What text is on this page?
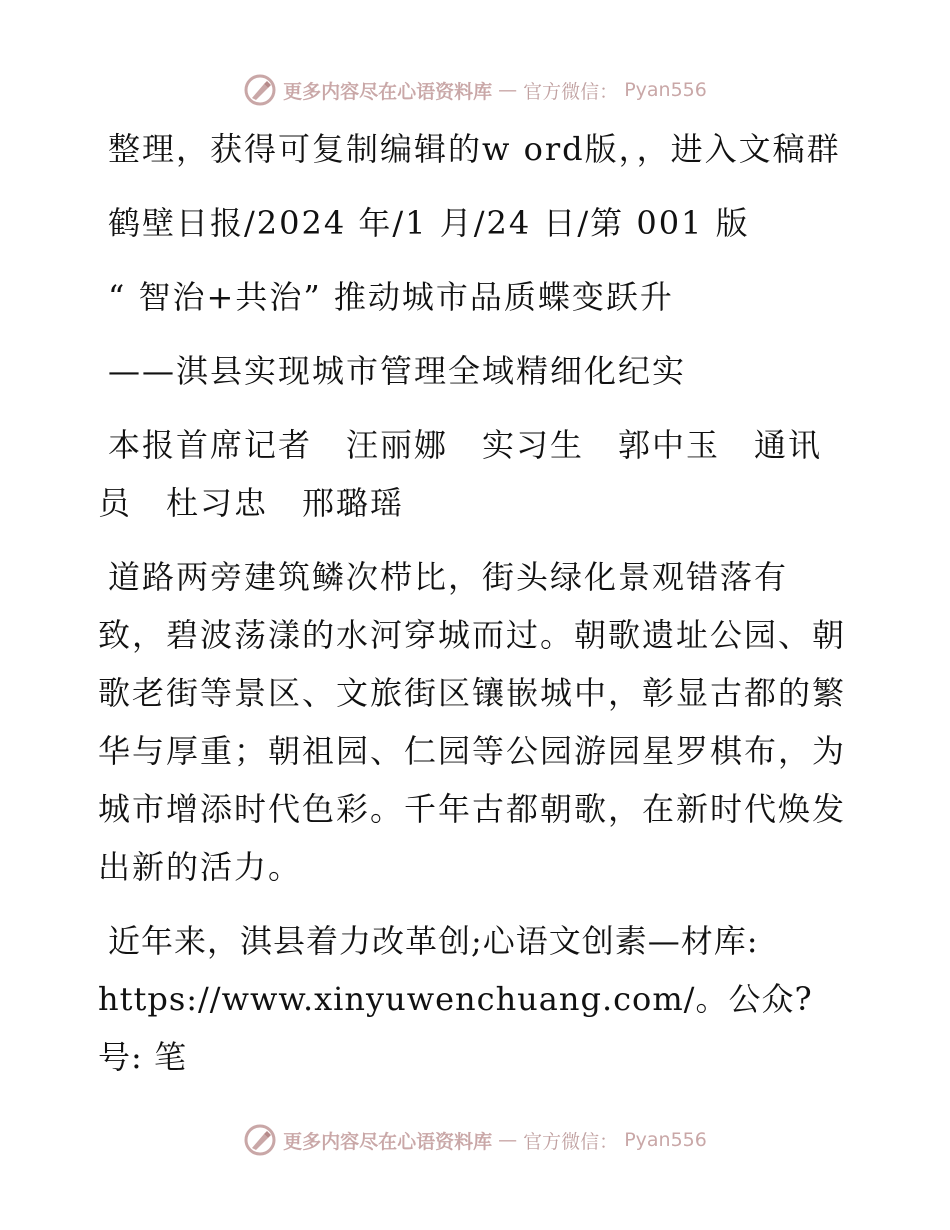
更多内容尽在心语资料库 — 官方微信： Pyan556

整理，获得可复制编辑的w ord版，，进入文稿群

鹤壁日报/2024 年/1 月/24 日/第 001 版

“ 智治+共治” 推动城市品质蝶变跃升

——淇县实现城市管理全域精细化纪实

本报首席记者　汪丽娜　实习生　郭中玉　通讯员　杜习忠　邢璐瑶

道路两旁建筑鳞次栉比，街头绿化景观错落有致，碧波荡漾的水河穿城而过。朝歌遗址公园、朝歌老街等景区、文旅街区镶嵌城中，彰显古都的繁华与厚重；朝祖园、仁园等公园游园星罗棋布，为城市增添时代色彩。千年古都朝歌，在新时代焕发出新的活力。

近年来，淇县着力改革创;心语文创素—材库:

https://www.xinyuwenchuang.com/。公众?号: 笔

更多内容尽在心语资料库 — 官方微信： Pyan556
